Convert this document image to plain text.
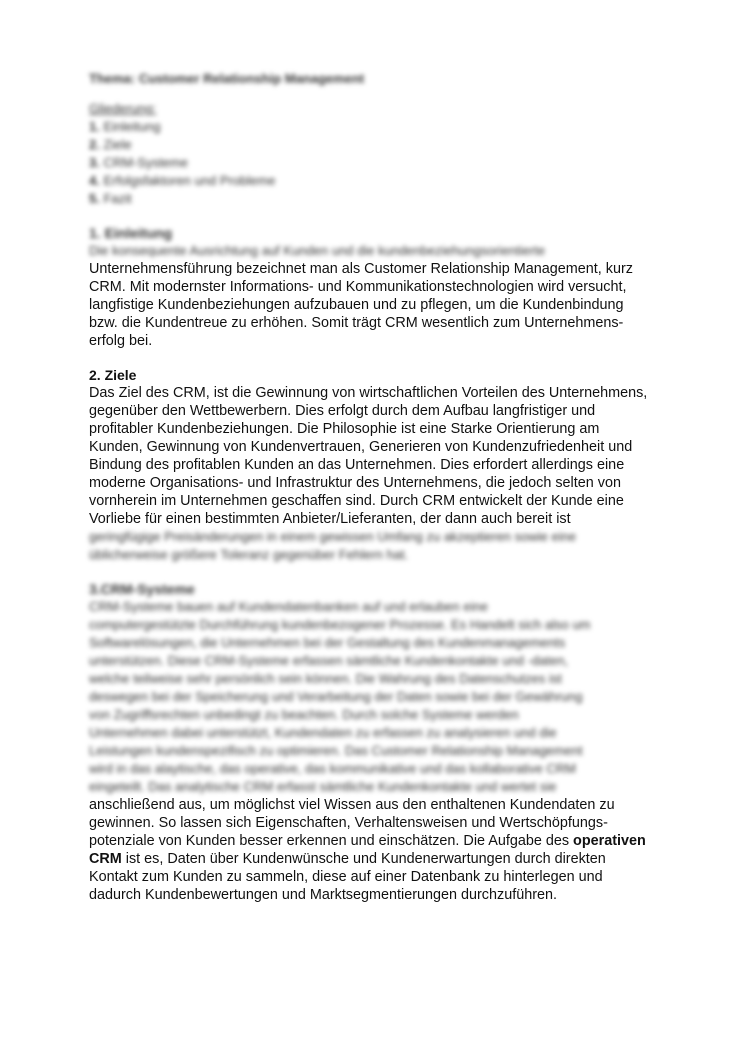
Thema: Customer Relationship Management
Gliederung:
1. Einleitung
2. Ziele
3. CRM-Systeme
4. Erfolgsfaktoren und Probleme
5. Fazit
1. Einleitung

Die konsequente Ausrichtung auf Kunden und die kundenbeziehungsorientierte
Unternehmensführung bezeichnet man als Customer Relationship Management, kurz
CRM. Mit modernster Informations- und Kommunikationstechnologien wird versucht,
langfistige Kundenbeziehungen aufzubauen und zu pflegen, um die Kundenbindung
bzw. die Kundentreue zu erhöhen. Somit trägt CRM wesentlich zum Unternehmens-
erfolg bei.

2. Ziele

Das Ziel des CRM, ist die Gewinnung von wirtschaftlichen Vorteilen des Unternehmens,
gegenüber den Wettbewerbern. Dies erfolgt durch dem Aufbau langfristiger und
profitabler Kundenbeziehungen. Die Philosophie ist eine Starke Orientierung am
Kunden, Gewinnung von Kundenvertrauen, Generieren von Kundenzufriedenheit und
Bindung des profitablen Kunden an das Unternehmen. Dies erfordert allerdings eine
moderne Organisations- und Infrastruktur des Unternehmens, die jedoch selten von
vornherein im Unternehmen geschaffen sind. Durch CRM entwickelt der Kunde eine
Vorliebe für einen bestimmten Anbieter/Lieferanten, der dann auch bereit ist
geringfügige Preisänderungen in einem gewissen Umfang zu akzeptieren sowie eine
üblicherweise größere Toleranz gegenüber Fehlern hat.

3.CRM-Systeme

CRM-Systeme bauen auf Kundendatenbanken auf und erlauben eine
computergestützte Durchführung kundenbezogener Prozesse. Es Handelt sich also um
Softwarelösungen, die Unternehmen bei der Gestaltung des Kundenmanagements
unterstützen. Diese CRM-Systeme erfassen sämtliche Kundenkontakte und -daten,
welche teilweise sehr persönlich sein können. Die Wahrung des Datenschutzes ist
deswegen bei der Speicherung und Verarbeitung der Daten sowie bei der Gewährung
von Zugriffsrechten unbedingt zu beachten. Durch solche Systeme werden
Unternehmen dabei unterstützt, Kundendaten zu erfassen zu analysieren und die
Leistungen kundenspezifisch zu optimieren. Das Customer Relationship Management
wird in das alaytische, das operative, das kommunikative und das kollaborative CRM
eingeteilt. Das analytische CRM erfasst sämtliche Kundenkontakte und wertet sie
anschließend aus, um möglichst viel Wissen aus den enthaltenen Kundendaten zu
gewinnen. So lassen sich Eigenschaften, Verhaltensweisen und Wertschöpfungs-
potenziale von Kunden besser erkennen und einschätzen. Die Aufgabe des operativen
CRM ist es, Daten über Kundenwünsche und Kundenerwartungen durch direkten
Kontakt zum Kunden zu sammeln, diese auf einer Datenbank zu hinterlegen und
dadurch Kundenbewertungen und Marktsegmentierungen durchzuführen.
